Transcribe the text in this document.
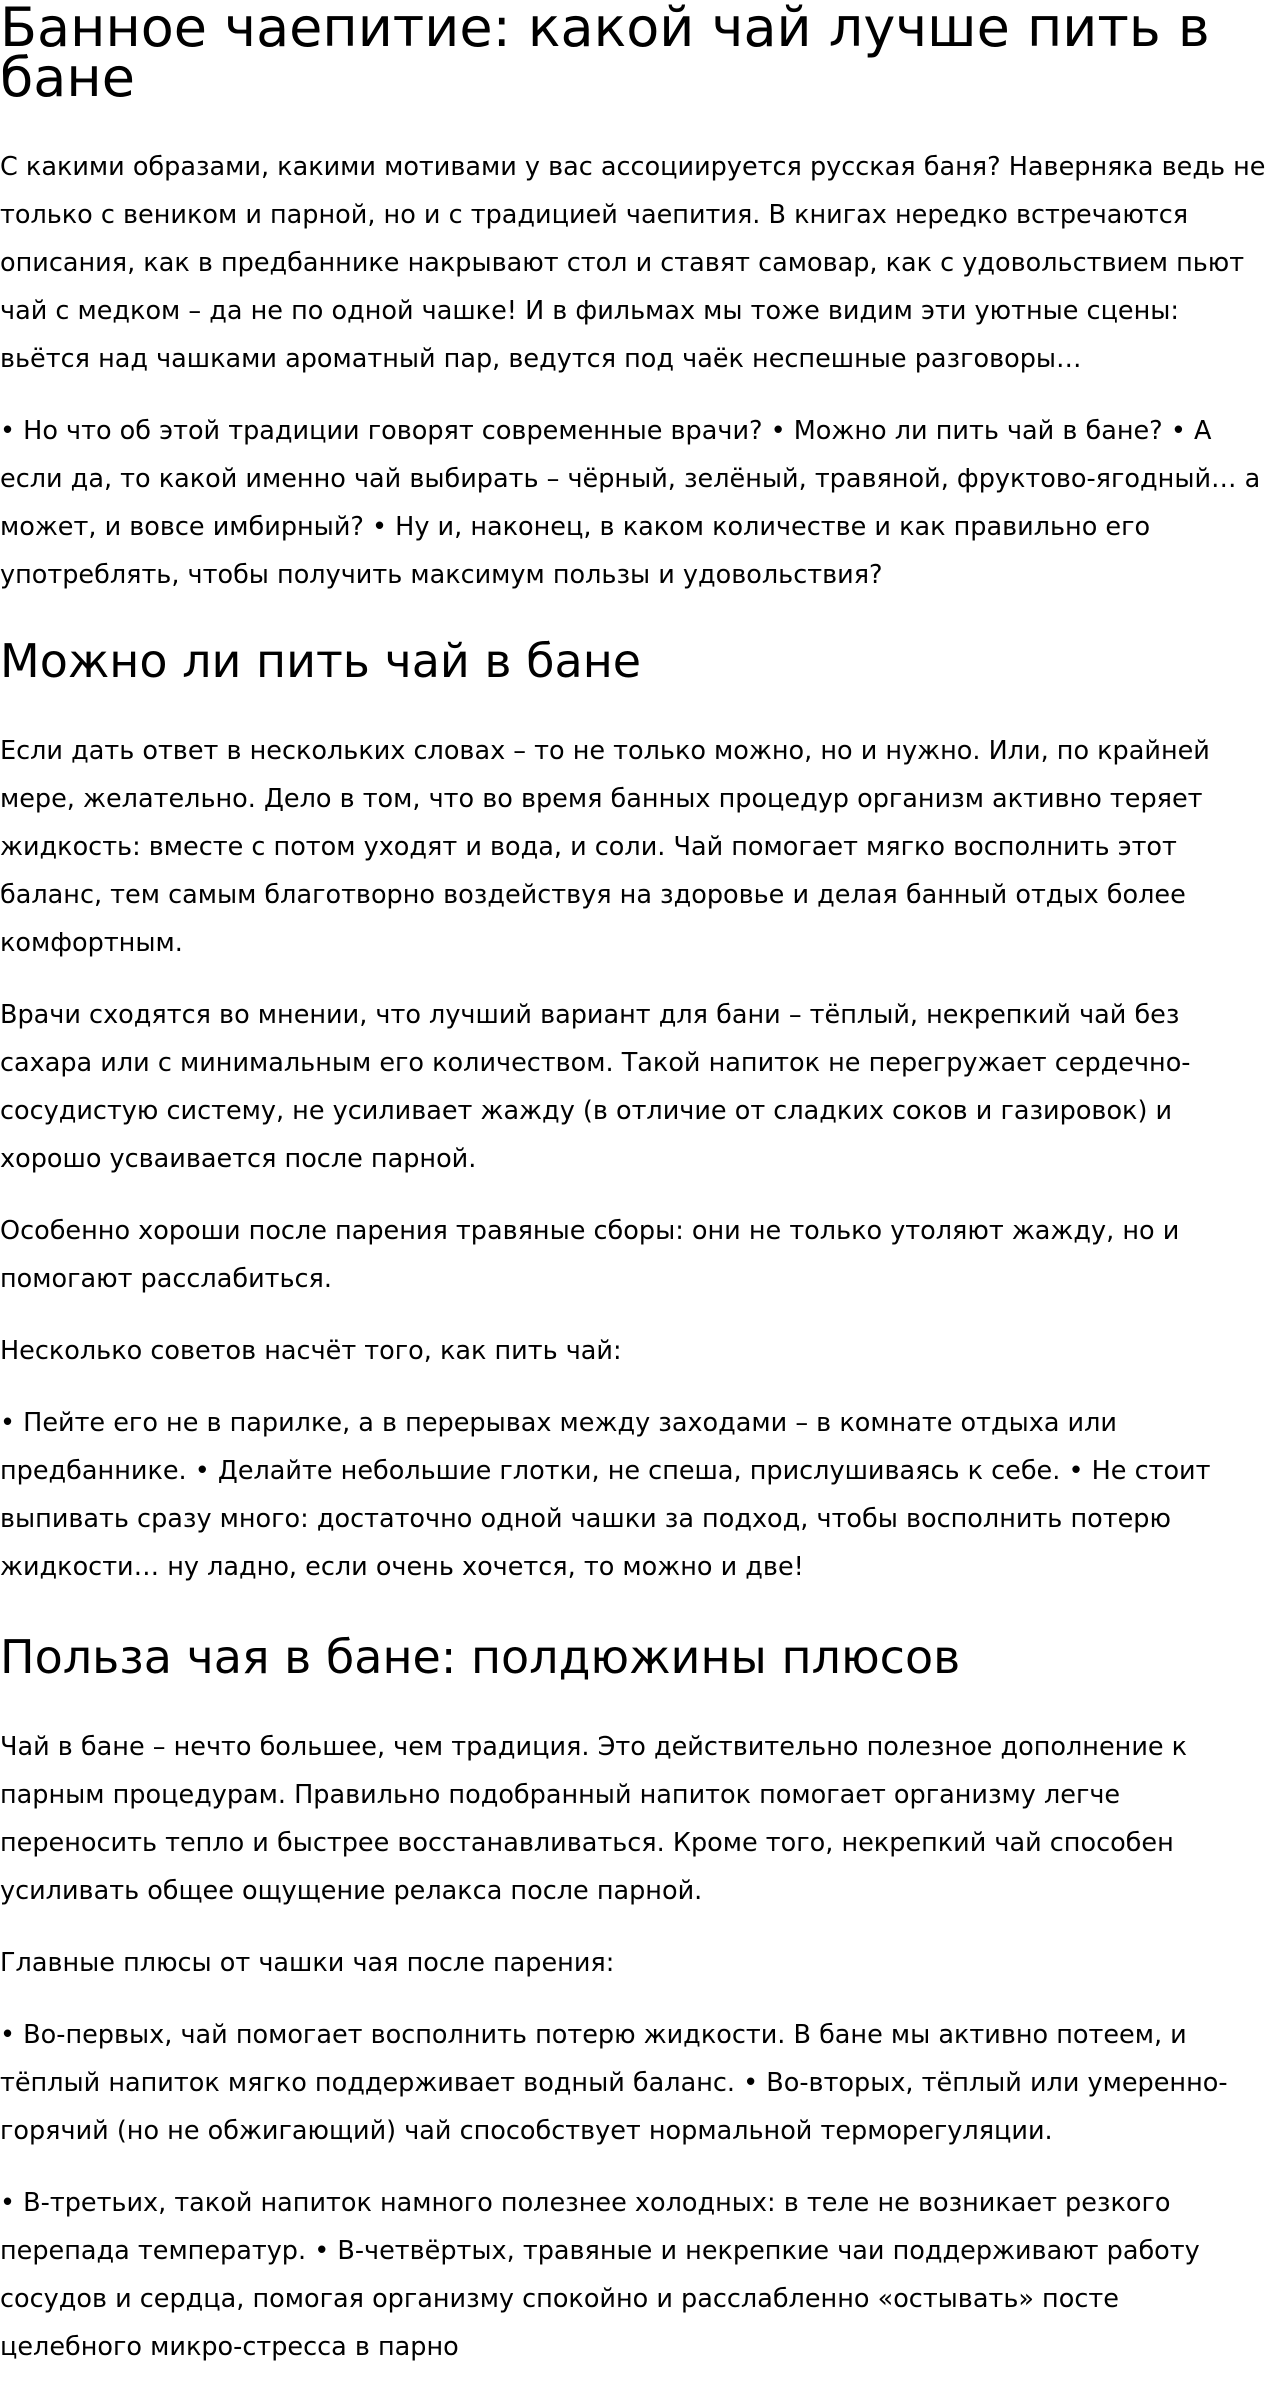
Банное чаепитие: какой чай лучше пить в бане

С какими образами, какими мотивами у вас ассоциируется русская баня? Наверняка ведь не только с веником и парной, но и с традицией чаепития. В книгах нередко встречаются описания, как в предбаннике накрывают стол и ставят самовар, как с удовольствием пьют чай с медком – да не по одной чашке! И в фильмах мы тоже видим эти уютные сцены: вьётся над чашками ароматный пар, ведутся под чаёк неспешные разговоры…

• Но что об этой традиции говорят современные врачи? • Можно ли пить чай в бане? • А если да, то какой именно чай выбирать – чёрный, зелёный, травяной, фруктово-ягодный… а может, и вовсе имбирный? • Ну и, наконец, в каком количестве и как правильно его употреблять, чтобы получить максимум пользы и удовольствия?

Можно ли пить чай в бане

Если дать ответ в нескольких словах – то не только можно, но и нужно. Или, по крайней мере, желательно. Дело в том, что во время банных процедур организм активно теряет жидкость: вместе с потом уходят и вода, и соли. Чай помогает мягко восполнить этот баланс, тем самым благотворно воздействуя на здоровье и делая банный отдых более комфортным.

Врачи сходятся во мнении, что лучший вариант для бани – тёплый, некрепкий чай без сахара или с минимальным его количеством. Такой напиток не перегружает сердечно-сосудистую систему, не усиливает жажду (в отличие от сладких соков и газировок) и хорошо усваивается после парной.

Особенно хороши после парения травяные сборы: они не только утоляют жажду, но и помогают расслабиться.

Несколько советов насчёт того, как пить чай:

• Пейте его не в парилке, а в перерывах между заходами – в комнате отдыха или предбаннике. • Делайте небольшие глотки, не спеша, прислушиваясь к себе. • Не стоит выпивать сразу много: достаточно одной чашки за подход, чтобы восполнить потерю жидкости… ну ладно, если очень хочется, то можно и две!

Польза чая в бане: полдюжины плюсов

Чай в бане – нечто большее, чем традиция. Это действительно полезное дополнение к парным процедурам. Правильно подобранный напиток помогает организму легче переносить тепло и быстрее восстанавливаться. Кроме того, некрепкий чай способен усиливать общее ощущение релакса после парной.

Главные плюсы от чашки чая после парения:

• Во-первых, чай помогает восполнить потерю жидкости. В бане мы активно потеем, и тёплый напиток мягко поддерживает водный баланс. • Во-вторых, тёплый или умеренно-горячий (но не обжигающий) чай способствует нормальной терморегуляции.

• В-третьих, такой напиток намного полезнее холодных: в теле не возникает резкого перепада температур. • В-четвёртых, травяные и некрепкие чаи поддерживают работу сосудов и сердца, помогая организму спокойно и расслабленно «остывать» посте целебного микро-стресса в парно
